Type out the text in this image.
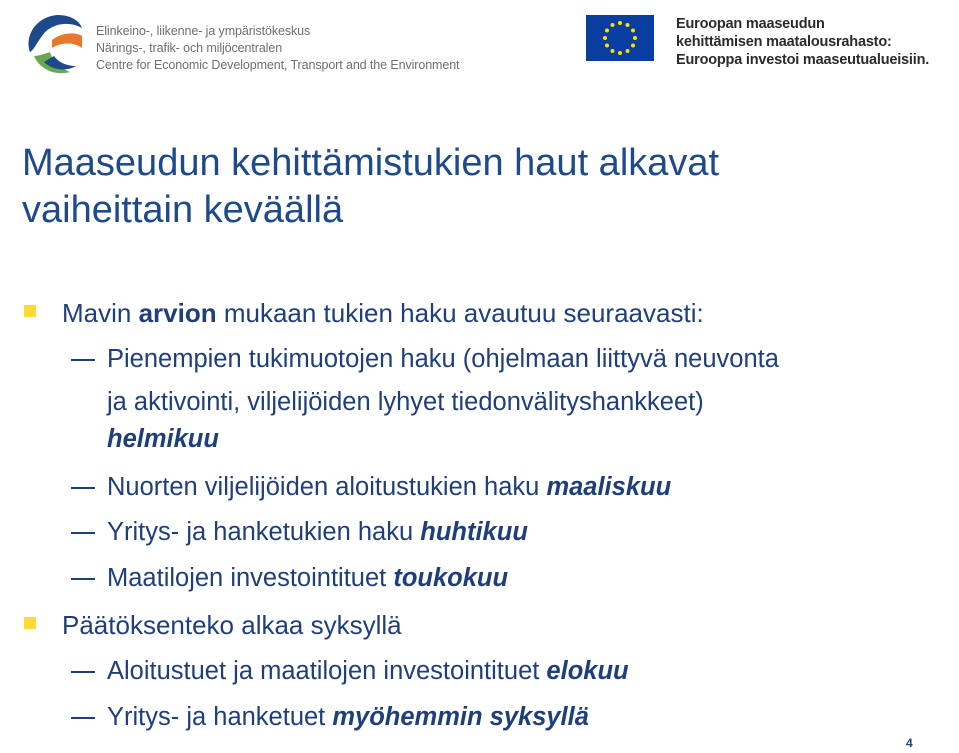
Elinkeino-, liikenne- ja ympäristökeskus
Närings-, trafik- och miljöcentralen
Centre for Economic Development, Transport and the Environment
Euroopan maaseudun
kehittämisen maatalousrahasto:
Eurooppa investoi maaseutualueisiin.
Maaseudun kehittämistukien haut alkavat
vaiheittain keväällä
Mavin arvion mukaan tukien haku avautuu seuraavasti:
Pienempien tukimuotojen haku (ohjelmaan liittyvä neuvonta
ja aktivointi, viljelijöiden lyhyet tiedonvälityshankkeet)
helmikuu
Nuorten viljelijöiden aloitustukien haku maaliskuu
Yritys- ja hanketukien haku huhtikuu
Maatilojen investointituet toukokuu
Päätöksenteko alkaa syksyllä
Aloitustuet ja maatilojen investointituet elokuu
Yritys- ja hanketuet myöhemmin syksyllä
4
